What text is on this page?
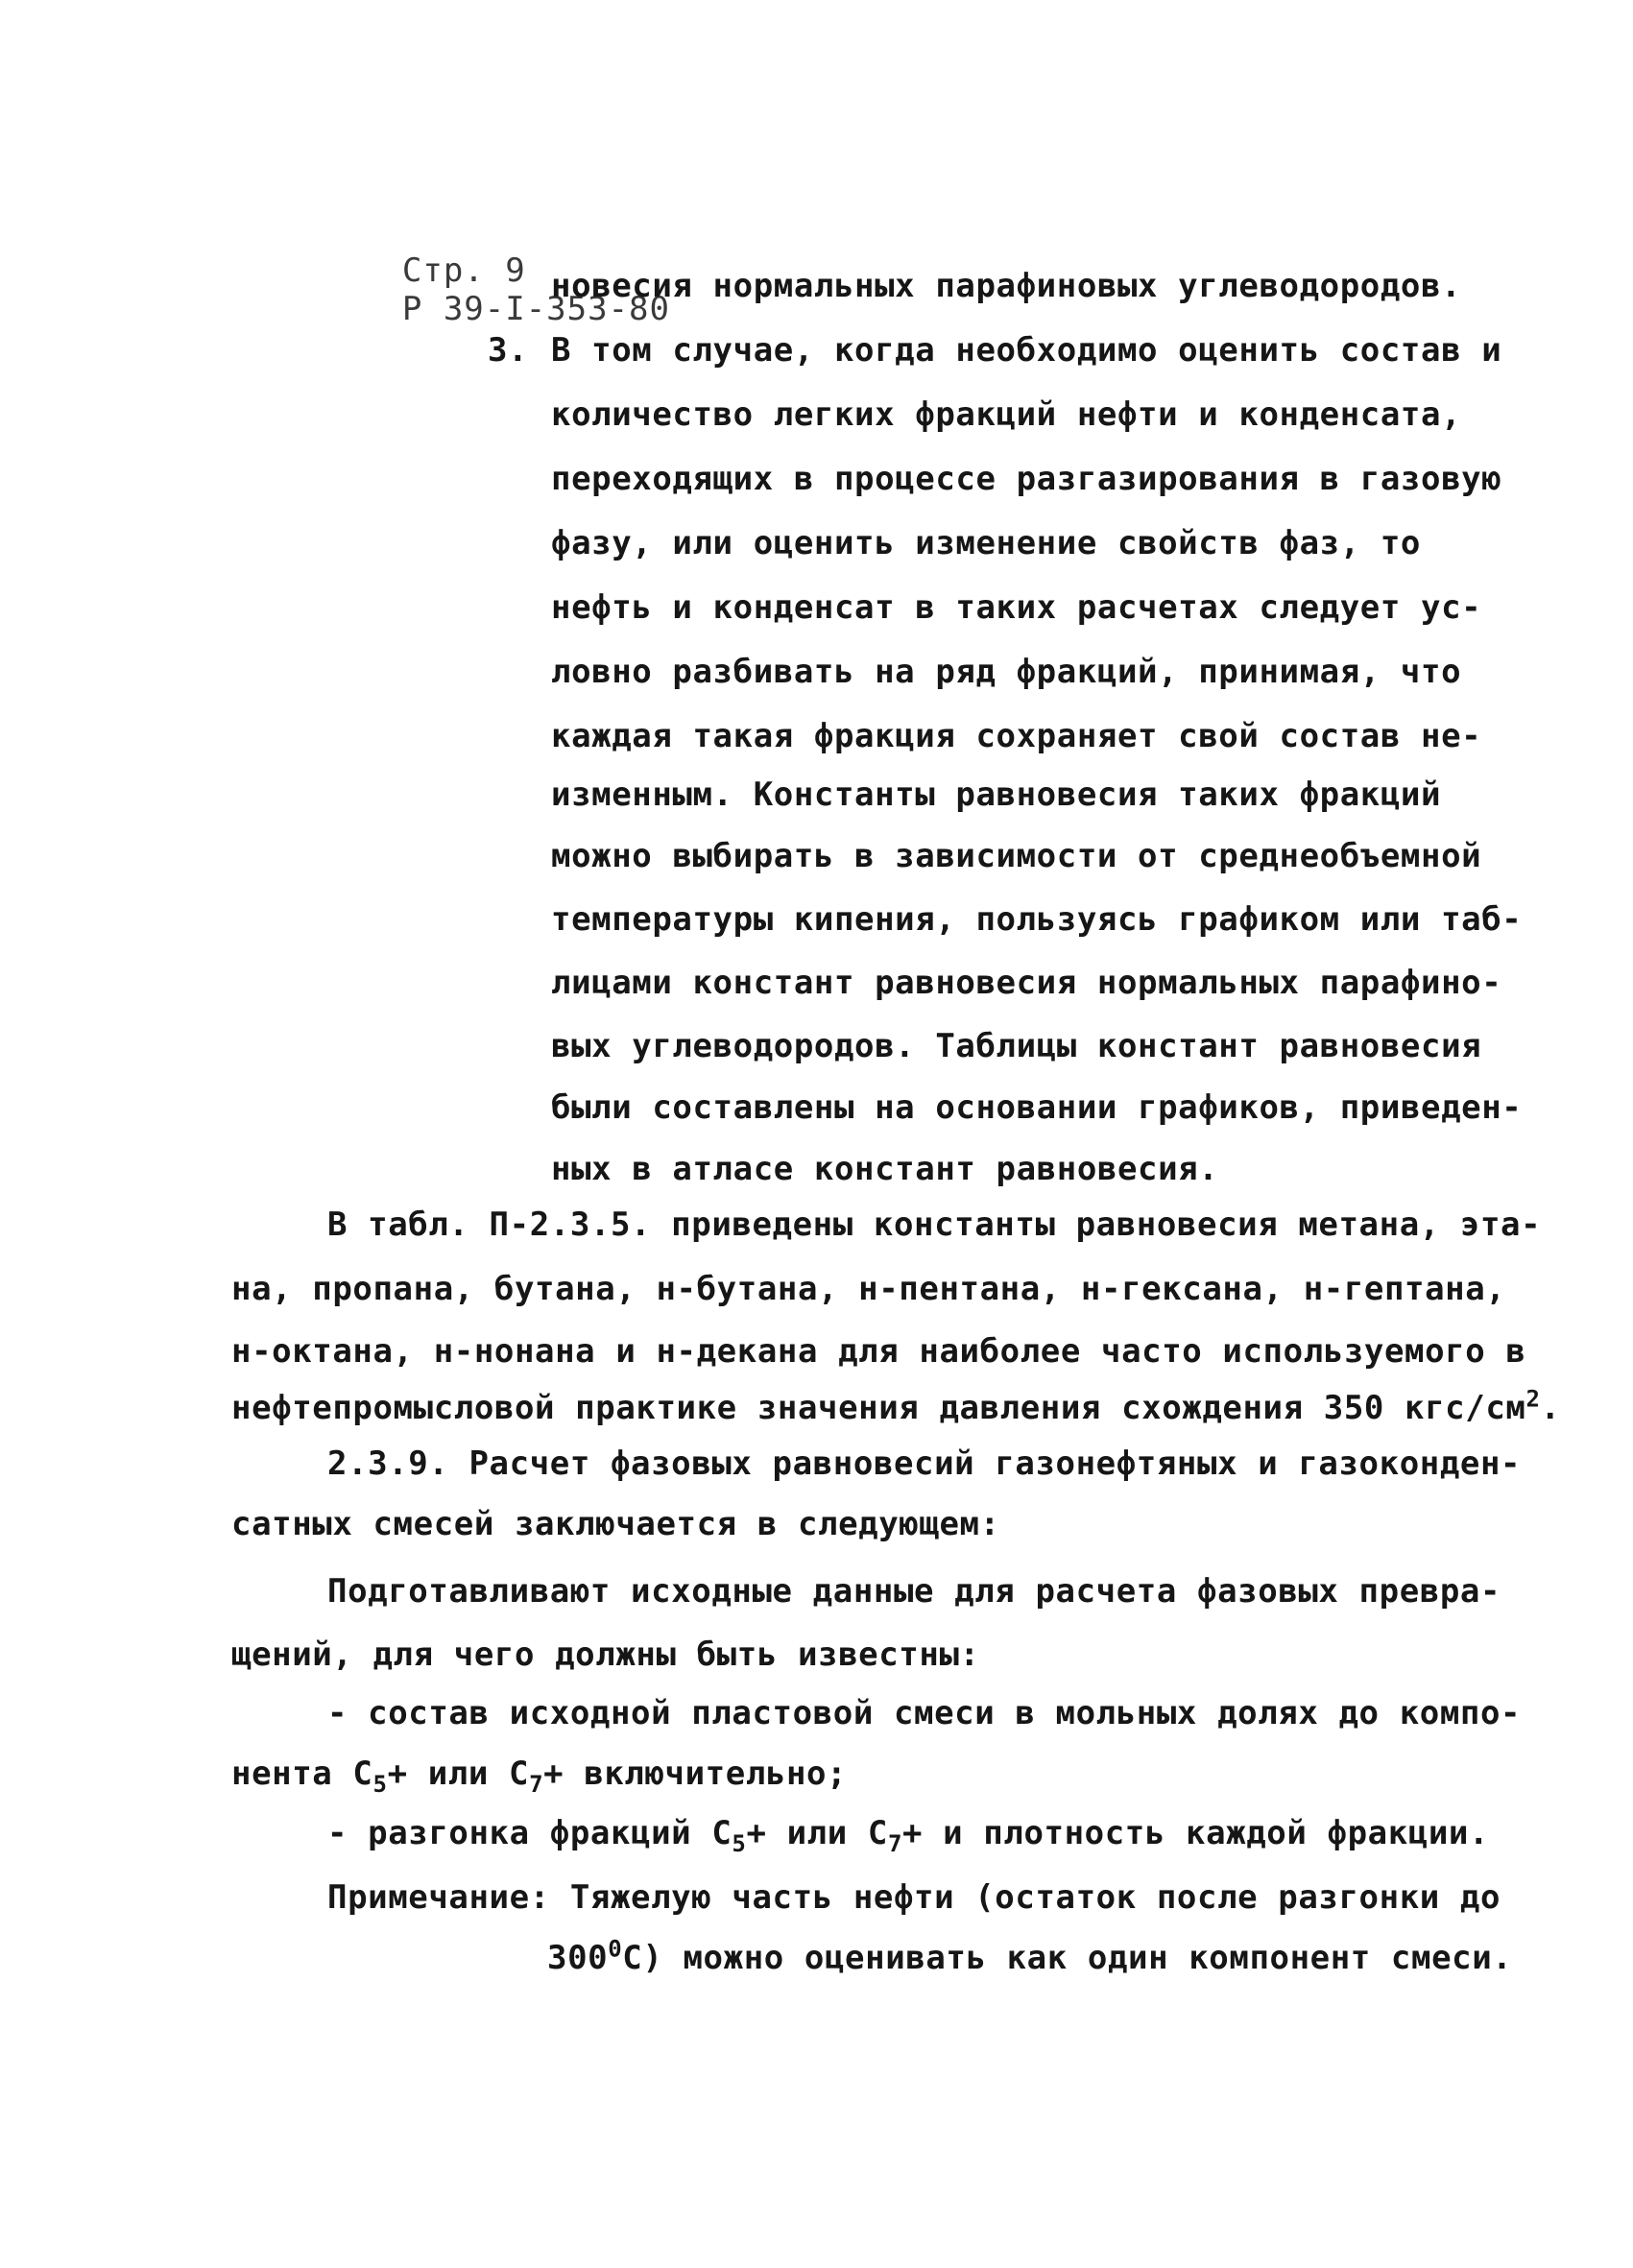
Стр. 9
Р 39-I-353-80

новесия нормальных парафиновых углеводородов.
3. В том случае, когда необходимо оценить состав и
количество легких фракций нефти и конденсата,
переходящих в процессе разгазирования в газовую
фазу, или оценить изменение свойств фаз, то
нефть и конденсат в таких расчетах следует ус-
ловно разбивать на ряд фракций, принимая, что
каждая такая фракция сохраняет свой состав не-
изменным. Константы равновесия таких фракций
можно выбирать в зависимости от среднеобъемной
температуры кипения, пользуясь графиком или таб-
лицами констант равновесия нормальных парафино-
вых углеводородов. Таблицы констант равновесия
были составлены на основании графиков, приведен-
ных в атласе констант равновесия.
В табл. П-2.3.5. приведены константы равновесия метана, эта-
на, пропана, бутана, н-бутана, н-пентана, н-гексана, н-гептана,
н-октана, н-нонана и н-декана для наиболее часто используемого в
нефтепромысловой практике значения давления схождения 350 кгс/$см^2$.
2.3.9. Расчет фазовых равновесий газонефтяных и газоконден-
сатных смесей заключается в следующем:
Подготавливают исходные данные для расчета фазовых превра-
щений, для чего должны быть известны:
- состав исходной пластовой смеси в мольных долях до компо-
нента $С_5+$ или $С_7+$ включительно;
- разгонка фракций $С_5+$ или $С_7+ и$ плотность каждой фракции.
Примечание: Тяжелую часть нефти (остаток после разгонки до
$300^0С$) можно оценивать как один компонент смеси.
